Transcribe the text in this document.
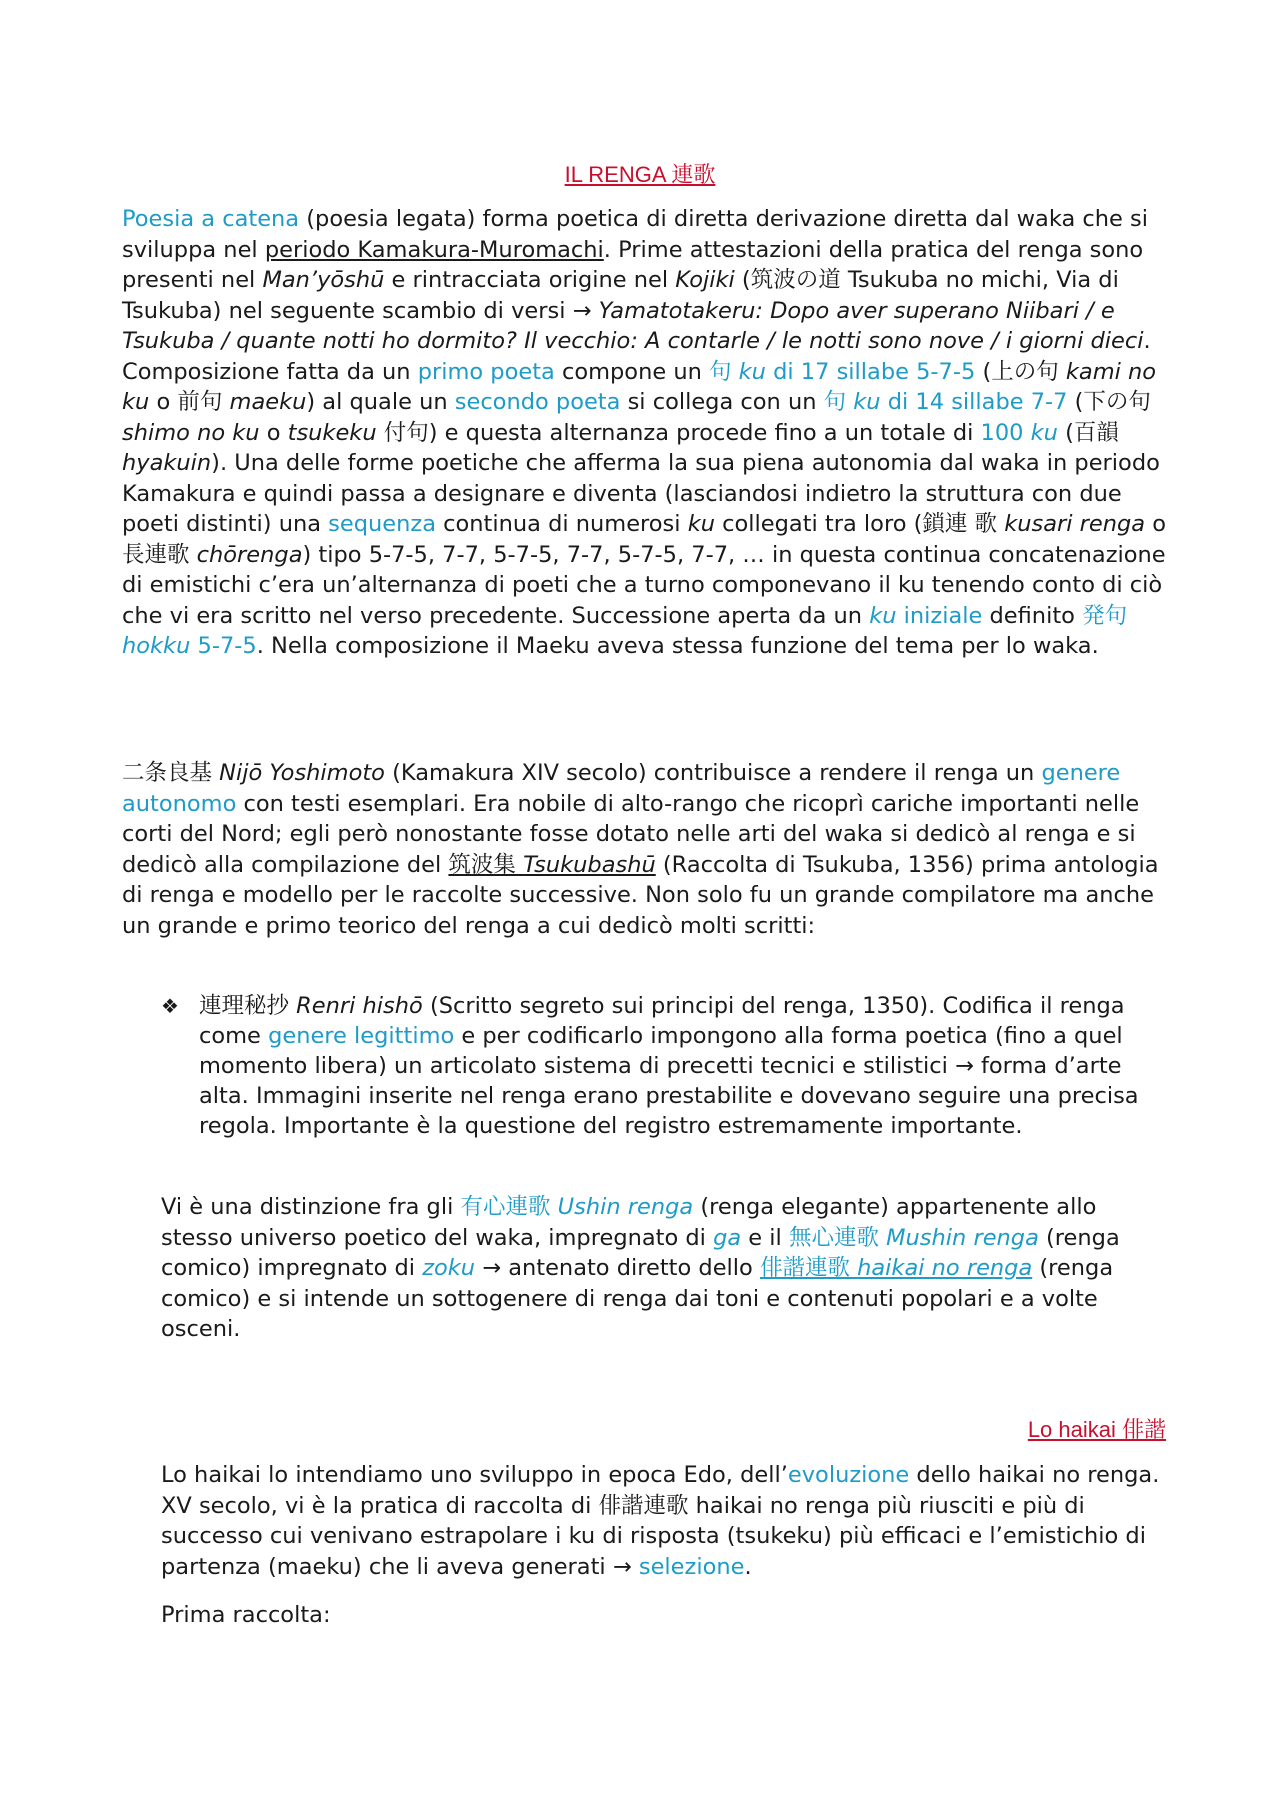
IL RENGA 連歌

Poesia a catena (poesia legata) forma poetica di diretta derivazione diretta dal waka che si sviluppa nel periodo Kamakura-Muromachi. Prime attestazioni della pratica del renga sono presenti nel Man’yōshū e rintracciata origine nel Kojiki (筑波の道 Tsukuba no michi, Via di Tsukuba) nel seguente scambio di versi → Yamatotakeru: Dopo aver superano Niibari / e Tsukuba / quante notti ho dormito? Il vecchio: A contarle / le notti sono nove / i giorni dieci. Composizione fatta da un primo poeta compone un 句 ku di 17 sillabe 5-7-5 (上の句 kami no ku o 前句 maeku) al quale un secondo poeta si collega con un 句 ku di 14 sillabe 7-7 (下の句 shimo no ku o tsukeku 付句) e questa alternanza procede fino a un totale di 100 ku (百韻 hyakuin). Una delle forme poetiche che afferma la sua piena autonomia dal waka in periodo Kamakura e quindi passa a designare e diventa (lasciandosi indietro la struttura con due poeti distinti) una sequenza continua di numerosi ku collegati tra loro (鎖連 歌 kusari renga o 長連歌 chōrenga) tipo 5-7-5, 7-7, 5-7-5, 7-7, 5-7-5, 7-7, … in questa continua concatenazione di emistichi c’era un’alternanza di poeti che a turno componevano il ku tenendo conto di ciò che vi era scritto nel verso precedente. Successione aperta da un ku iniziale definito 発句 hokku 5-7-5. Nella composizione il Maeku aveva stessa funzione del tema per lo waka.

二条良基 Nijō Yoshimoto (Kamakura XIV secolo) contribuisce a rendere il renga un genere autonomo con testi esemplari. Era nobile di alto-rango che ricoprì cariche importanti nelle corti del Nord; egli però nonostante fosse dotato nelle arti del waka si dedicò al renga e si dedicò alla compilazione del 筑波集 Tsukubashū (Raccolta di Tsukuba, 1356) prima antologia di renga e modello per le raccolte successive. Non solo fu un grande compilatore ma anche un grande e primo teorico del renga a cui dedicò molti scritti:

❖ 連理秘抄 Renri hishō (Scritto segreto sui principi del renga, 1350). Codifica il renga come genere legittimo e per codificarlo impongono alla forma poetica (fino a quel momento libera) un articolato sistema di precetti tecnici e stilistici → forma d’arte alta. Immagini inserite nel renga erano prestabilite e dovevano seguire una precisa regola. Importante è la questione del registro estremamente importante.

Vi è una distinzione fra gli 有心連歌 Ushin renga (renga elegante) appartenente allo stesso universo poetico del waka, impregnato di ga e il 無心連歌 Mushin renga (renga comico) impregnato di zoku → antenato diretto dello 俳諧連歌 haikai no renga (renga comico) e si intende un sottogenere di renga dai toni e contenuti popolari e a volte osceni.

Lo haikai 俳諧

Lo haikai lo intendiamo uno sviluppo in epoca Edo, dell’evoluzione dello haikai no renga. XV secolo, vi è la pratica di raccolta di 俳諧連歌 haikai no renga più riusciti e più di successo cui venivano estrapolare i ku di risposta (tsukeku) più efficaci e l’emistichio di partenza (maeku) che li aveva generati → selezione.

Prima raccolta:
